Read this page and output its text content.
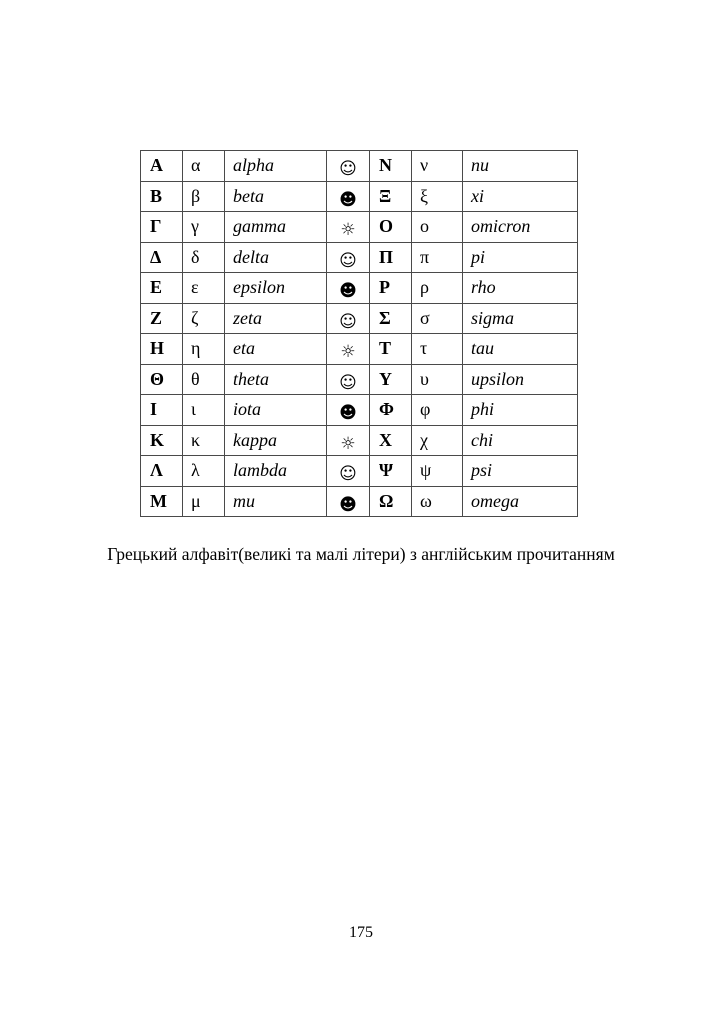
Α	α	alpha	☺	Ν	ν	nu
Β	β	beta	☻	Ξ	ξ	xi
Γ	γ	gamma	☼	Ο	ο	omicron
Δ	δ	delta	☺	Π	π	pi
Ε	ε	epsilon	☻	Ρ	ρ	rho
Ζ	ζ	zeta	☺	Σ	σ	sigma
Η	η	eta	☼	Τ	τ	tau
Θ	θ	theta	☺	Υ	υ	upsilon
Ι	ι	iota	☻	Φ	φ	phi
Κ	κ	kappa	☼	Χ	χ	chi
Λ	λ	lambda	☺	Ψ	ψ	psi
Μ	μ	mu	☻	Ω	ω	omega
Грецький алфавіт(великі та малі літери) з англійським прочитанням
175
